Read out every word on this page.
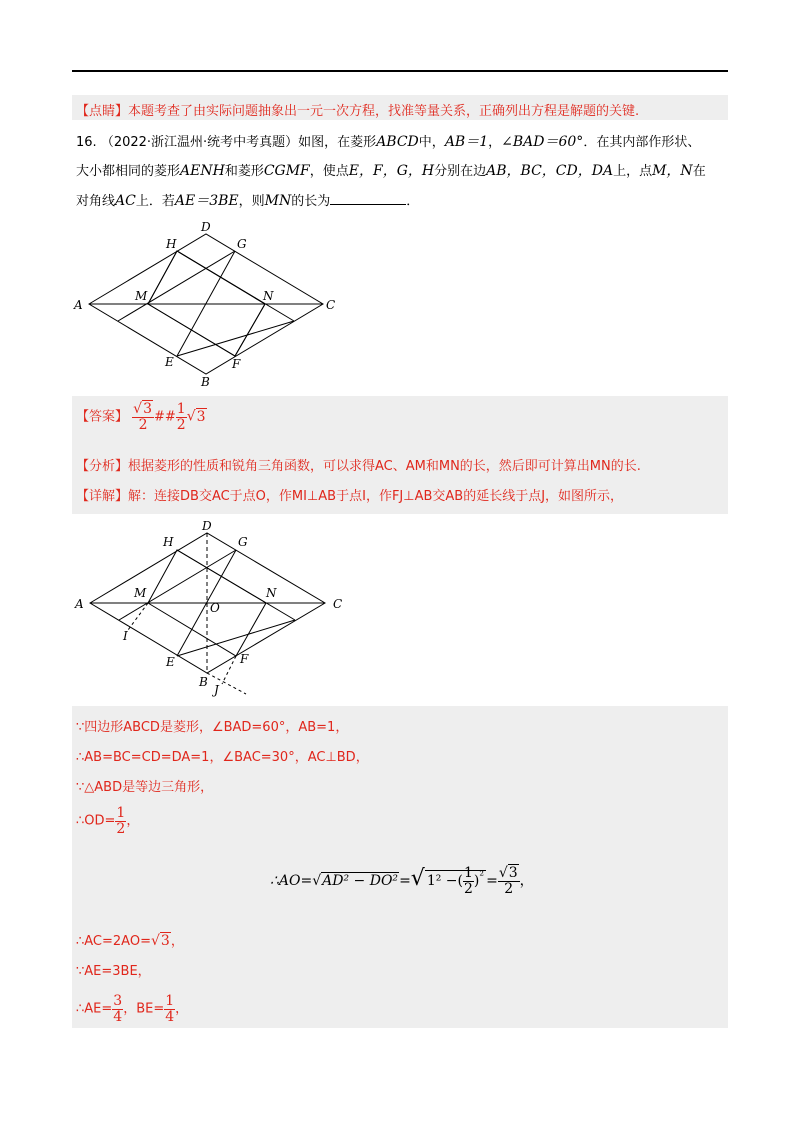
【点睛】本题考查了由实际问题抽象出一元一次方程，找准等量关系，正确列出方程是解题的关键.
16. （2022·浙江温州·统考中考真题）如图，在菱形ABCD中，AB＝1，∠BAD＝60°．在其内部作形状、
大小都相同的菱形AENH和菱形CGMF，使点E，F，G，H分别在边AB，BC，CD，DA上，点M，N在
对角线AC上．若AE＝3BE，则MN的长为	．
A
D
C
B
H	G
M	N
E	F
【答案】 $\frac{√3}{2}$ ## $\frac{1}{2} √3$
【分析】根据菱形的性质和锐角三角函数，可以求得AC、AM和MN的长，然后即可计算出MN的长.
【详解】解：连接DB交AC于点O，作MI⊥AB于点I，作FJ⊥AB交AB的延长线于点J，如图所示，
A
D
C
B
H	G
M	N
O
I
E	F
J
∵四边形ABCD是菱形，∠BAD=60°，AB=1，
∴AB=BC=CD=DA=1，∠BAC=30°，AC⊥BD，
∵△ABD是等边三角形，
∴OD= $\frac{1}{2}$ ，
∴AO=√AD² − DO²=√ 1² −( $\frac{1}{2} )^{^2} = \frac{√3}{2}$ ，
∴AC=2AO=√3，
∵AE=3BE，
∴AE= $\frac{3}{4}$ ，$BE= \frac{1}{4}$ ，
